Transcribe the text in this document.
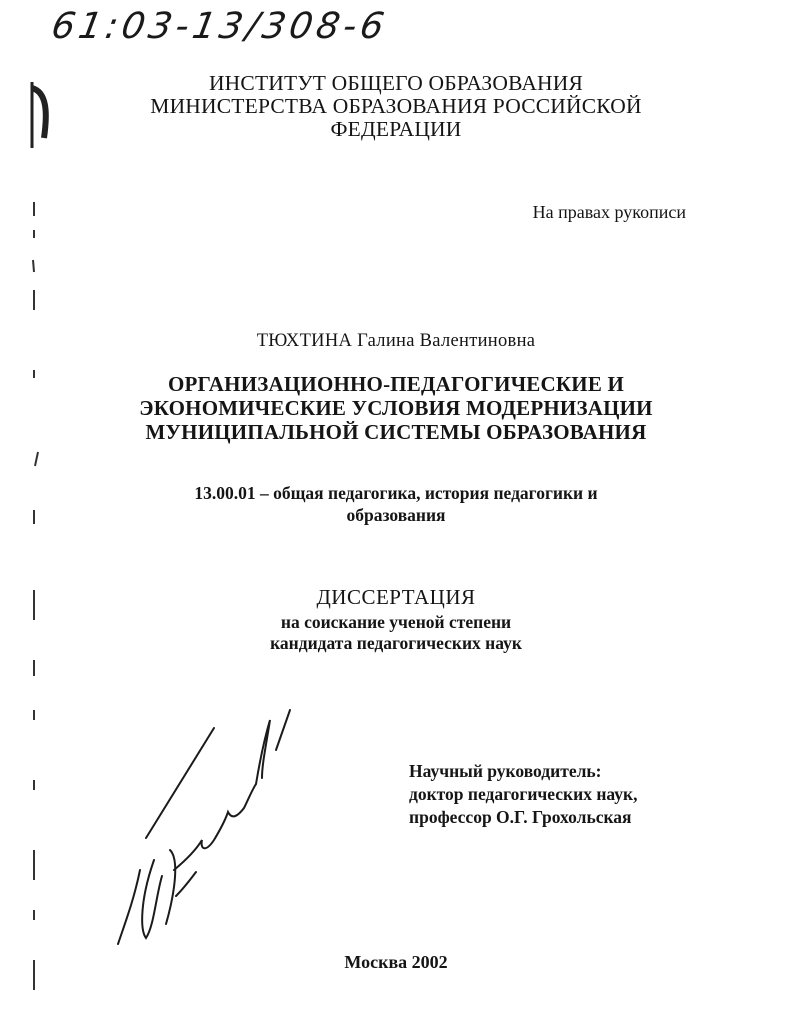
61:03-13/308-6
ИНСТИТУТ ОБЩЕГО ОБРАЗОВАНИЯ
МИНИСТЕРСТВА ОБРАЗОВАНИЯ РОССИЙСКОЙ
ФЕДЕРАЦИИ
На правах рукописи
ТЮХТИНА Галина Валентиновна
ОРГАНИЗАЦИОННО-ПЕДАГОГИЧЕСКИЕ И
ЭКОНОМИЧЕСКИЕ УСЛОВИЯ МОДЕРНИЗАЦИИ
МУНИЦИПАЛЬНОЙ СИСТЕМЫ ОБРАЗОВАНИЯ
13.00.01 – общая педагогика, история педагогики и
образования
ДИССЕРТАЦИЯ
на соискание ученой степени
кандидата педагогических наук
Научный руководитель:
доктор педагогических наук,
профессор О.Г. Грохольская
Москва 2002
